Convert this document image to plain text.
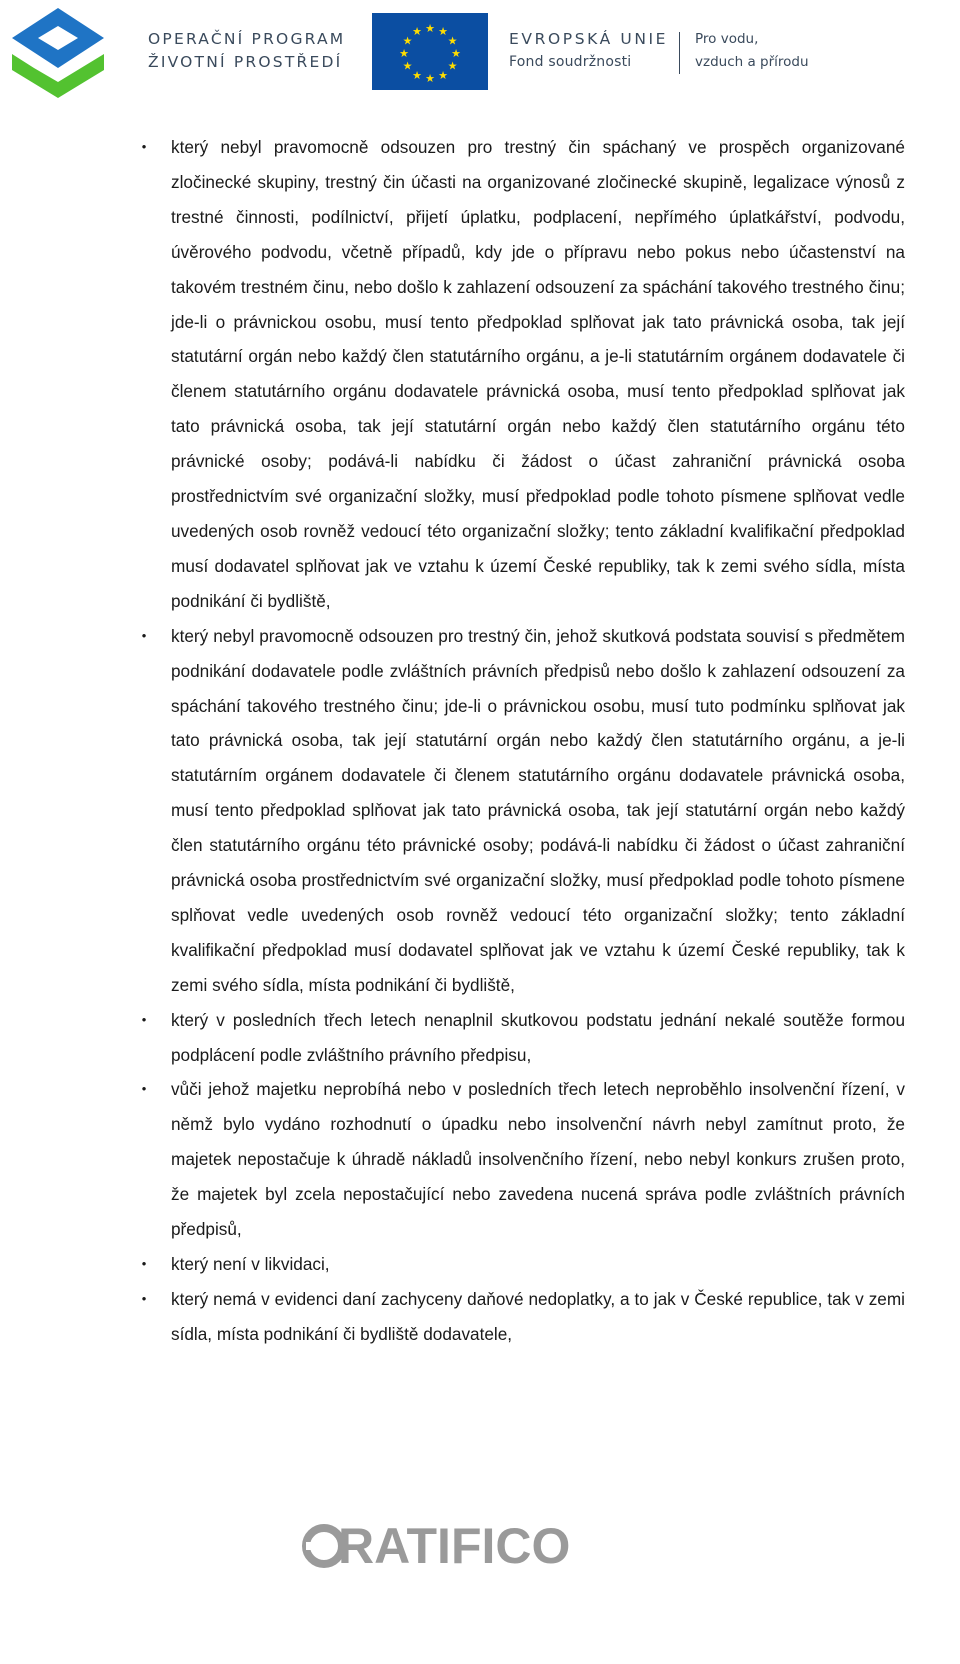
OPERAČNÍ PROGRAM
ŽIVOTNÍ PROSTŘEDÍ
★ ★
★
★
★
★
★
★
★
★
★
★	EVROPSKÁ UNIE
Fond soudržnosti
Pro vodu,
vzduch a přírodu
• který nebyl pravomocně odsouzen pro trestný čin spáchaný ve prospěch organizované zločinecké skupiny, trestný čin účasti na organizované zločinecké skupině, legalizace výnosů z trestné činnosti, podílnictví, přijetí úplatku, podplacení, nepřímého úplatkářství, podvodu, úvěrového podvodu, včetně případů, kdy jde o přípravu nebo pokus nebo účastenství na takovém trestném činu, nebo došlo k zahlazení odsouzení za spáchání takového trestného činu; jde-li o právnickou osobu, musí tento předpoklad splňovat jak tato právnická osoba, tak její statutární orgán nebo každý člen statutárního orgánu, a je-li statutárním orgánem dodavatele či členem statutárního orgánu dodavatele právnická osoba, musí tento předpoklad splňovat jak tato právnická osoba, tak její statutární orgán nebo každý člen statutárního orgánu této právnické osoby; podává-li nabídku či žádost o účast zahraniční právnická osoba prostřednictvím své organizační složky, musí předpoklad podle tohoto písmene splňovat vedle uvedených osob rovněž vedoucí této organizační složky; tento základní kvalifikační předpoklad musí dodavatel splňovat jak ve vztahu k území České republiky, tak k zemi svého sídla, místa podnikání či bydliště,
• který nebyl pravomocně odsouzen pro trestný čin, jehož skutková podstata souvisí s předmětem podnikání dodavatele podle zvláštních právních předpisů nebo došlo k zahlazení odsouzení za spáchání takového trestného činu; jde-li o právnickou osobu, musí tuto podmínku splňovat jak tato právnická osoba, tak její statutární orgán nebo každý člen statutárního orgánu, a je-li statutárním orgánem dodavatele či členem statutárního orgánu dodavatele právnická osoba, musí tento předpoklad splňovat jak tato právnická osoba, tak její statutární orgán nebo každý člen statutárního orgánu této právnické osoby; podává-li nabídku či žádost o účast zahraniční právnická osoba prostřednictvím své organizační složky, musí předpoklad podle tohoto písmene splňovat vedle uvedených osob rovněž vedoucí této organizační složky; tento základní kvalifikační předpoklad musí dodavatel splňovat jak ve vztahu k území České republiky, tak k zemi svého sídla, místa podnikání či bydliště,
• který v posledních třech letech nenaplnil skutkovou podstatu jednání nekalé soutěže formou podplácení podle zvláštního právního předpisu,
• vůči jehož majetku neprobíhá nebo v posledních třech letech neproběhlo insolvenční řízení, v němž bylo vydáno rozhodnutí o úpadku nebo insolvenční návrh nebyl zamítnut proto, že majetek nepostačuje k úhradě nákladů insolvenčního řízení, nebo nebyl konkurs zrušen proto, že majetek byl zcela nepostačující nebo zavedena nucená správa podle zvláštních právních předpisů,
• který není v likvidaci,
• který nemá v evidenci daní zachyceny daňové nedoplatky, a to jak v České republice, tak v zemi sídla, místa podnikání či bydliště dodavatele,
RATIFICO
